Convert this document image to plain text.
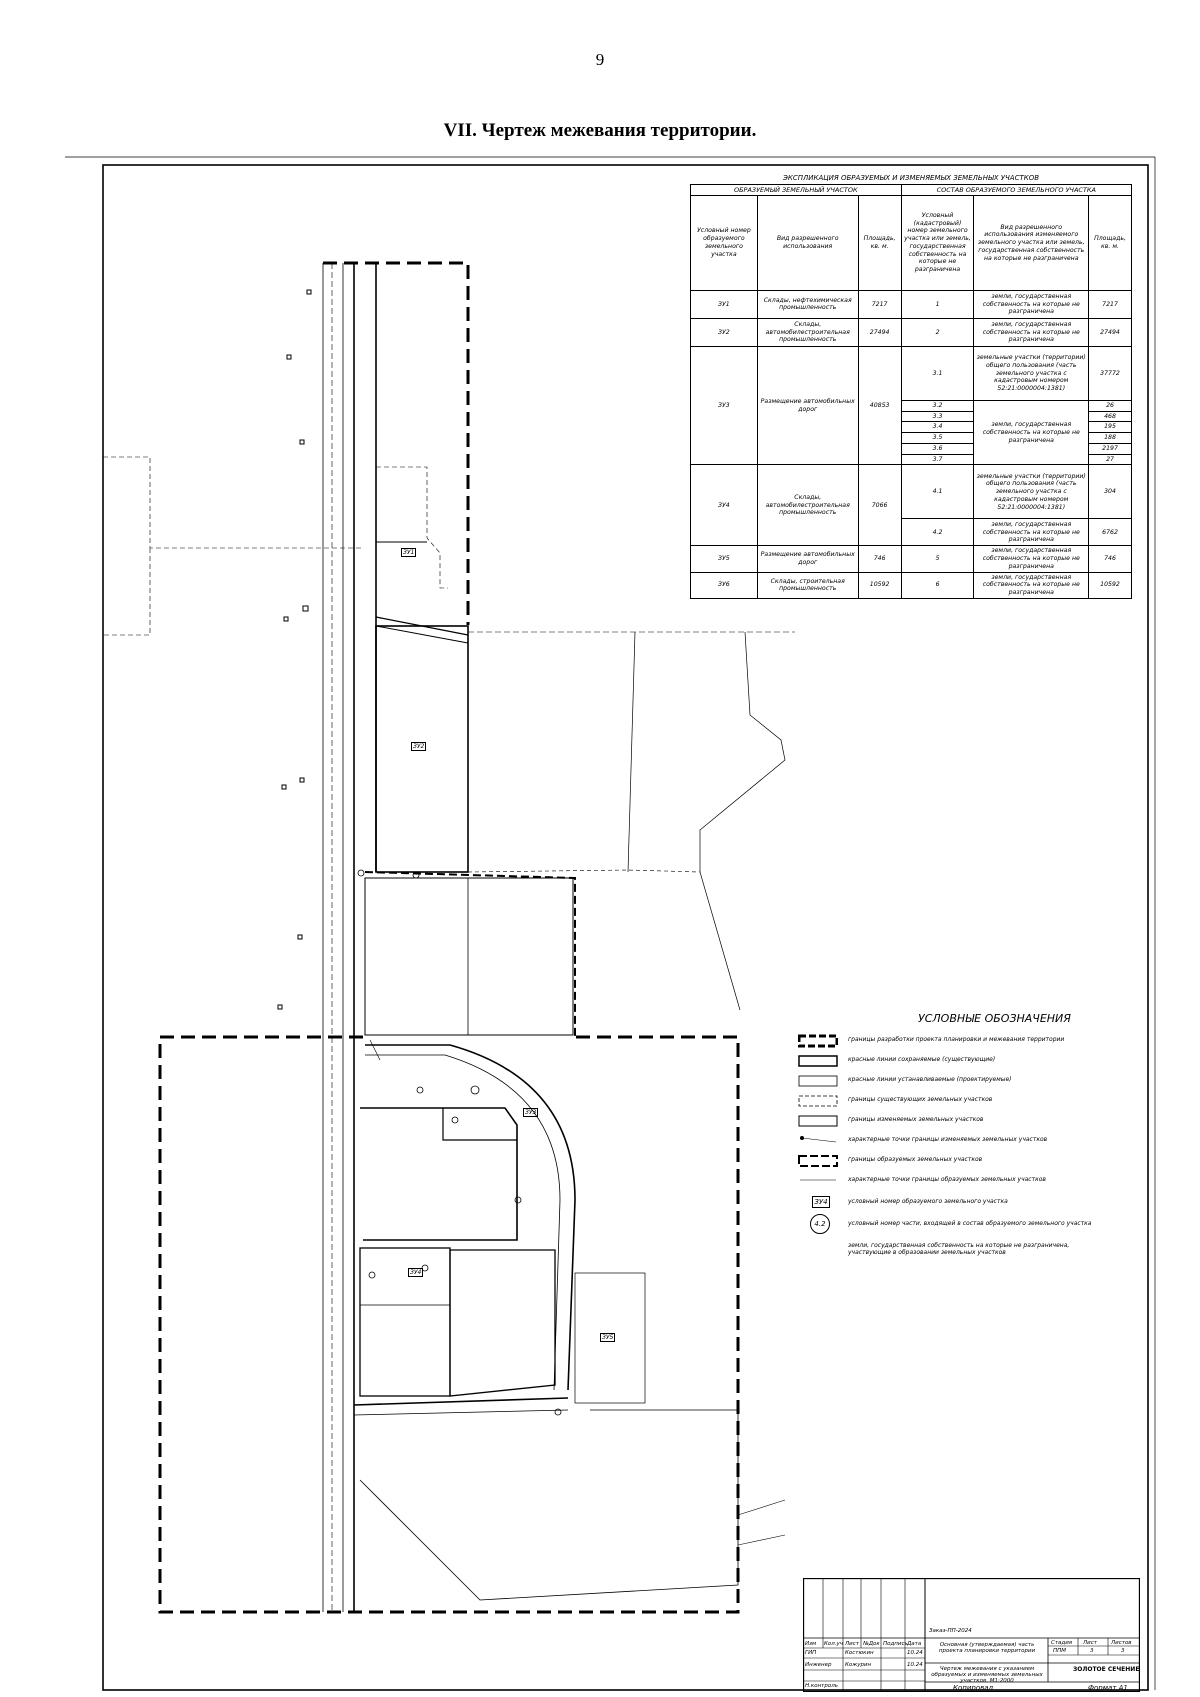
9
VII. Чертеж межевания территории.
ЗУ1
ЗУ2
ЗУ3
ЗУ4
ЗУ5
ЭКСПЛИКАЦИЯ ОБРАЗУЕМЫХ И ИЗМЕНЯЕМЫХ ЗЕМЕЛЬНЫХ УЧАСТКОВ					
ОБРАЗУЕМЫЙ ЗЕМЕЛЬНЫЙ УЧАСТОК			СОСТАВ ОБРАЗУЕМОГО ЗЕМЕЛЬНОГО УЧАСТКА		
Условный номер образуемого земельного участка	Вид разрешенного использования	Площадь, кв. м.	Условный (кадастровый) номер земельного участка или земель, государственная собственность на которые не разграничена	Вид разрешенного использования изменяемого земельного участка или земель, государственная собственность на которые не разграничена	Площадь, кв. м.
ЗУ1	Склады, нефтехимическая промышленность	7217	1	земли, государственная собственность на которые не разграничена	7217
ЗУ2	Склады, автомобилестроительная промышленность	27494	2	земли, государственная собственность на которые не разграничена	27494
ЗУ3	Размещение автомобильных дорог	40853	3.1	земельные участки (территории) общего пользования (часть земельного участка с кадастровым номером 52:21:0000004:1381)	37772
			3.2	земли, государственная собственность на которые не разграничена	26
			3.3		468
			3.4		195
			3.5		188
			3.6		2197
			3.7		27
ЗУ4	Склады, автомобилестроительная промышленность	7066	4.1	земельные участки (территории) общего пользования (часть земельного участка с кадастровым номером 52:21:0000004:1381)	304
			4.2	земли, государственная собственность на которые не разграничена	6762
ЗУ5	Размещение автомобильных дорог	746	5	земли, государственная собственность на которые не разграничена	746
ЗУ6	Склады, строительная промышленность	10592	6	земли, государственная собственность на которые не разграничена	10592
УСЛОВНЫЕ ОБОЗНАЧЕНИЯ
границы разработки проекта планировки и межевания территории
красные линии сохраняемые (существующие)
красные линии устанавливаемые (проектируемые)
границы существующих земельных участков
границы изменяемых земельных участков
характерные точки границы изменяемых земельных участков
границы образуемых земельных участков
характерные точки границы образуемых земельных участков
ЗУ4	условный номер образуемого земельного участка
4.2	условный номер части, входящей в состав образуемого земельного участка
земли, государственная собственность на которые не разграничена, участвующие в образовании земельных участков
Изм Кол.уч Лист №Док Подпись Дата
ГИП	Костюкин	10.24
Инженер Кожурин	10.24
Н.контроль
Заказ-ПП-2024
Основная (утверждаемая) часть проекта планировки территории
Стадия Лист	Листов
ППМ	3	3
Чертеж межевания с указанием образуемых и изменяемых земельных участков. М1:2000
ЗОЛОТОЕ СЕЧЕНИЕ
Копировал	Формат А1
